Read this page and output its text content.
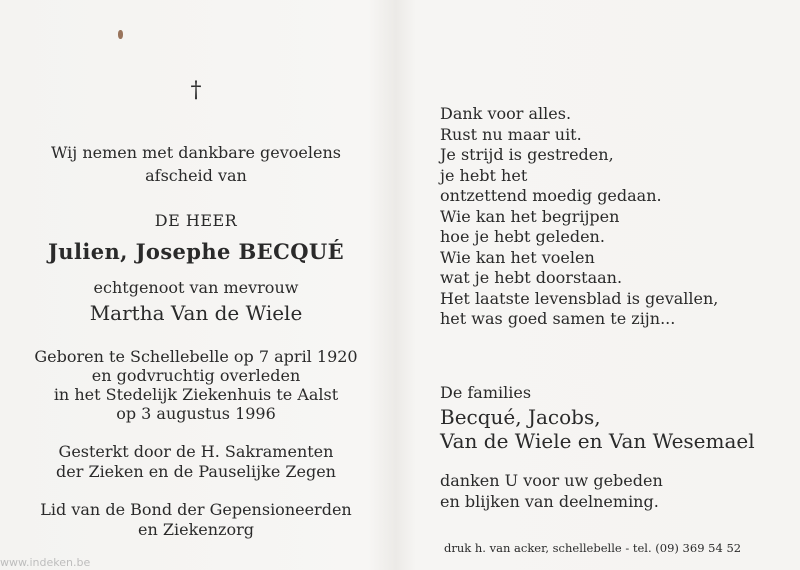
†
Wij nemen met dankbare gevoelens
afscheid van
DE HEER
Julien, Josephe BECQUÉ
echtgenoot van mevrouw
Martha Van de Wiele
Geboren te Schellebelle op 7 april 1920
en godvruchtig overleden
in het Stedelijk Ziekenhuis te Aalst
op 3 augustus 1996
Gesterkt door de H. Sakramenten
der Zieken en de Pauselijke Zegen
Lid van de Bond der Gepensioneerden
en Ziekenzorg
Dank voor alles.
Rust nu maar uit.
Je strijd is gestreden,
je hebt het
ontzettend moedig gedaan.
Wie kan het begrijpen
hoe je hebt geleden.
Wie kan het voelen
wat je hebt doorstaan.
Het laatste levensblad is gevallen,
het was goed samen te zijn...
De families
Becqué, Jacobs,
Van de Wiele en Van Wesemael
danken U voor uw gebeden
en blijken van deelneming.
druk h. van acker, schellebelle - tel. (09) 369 54 52
www.indeken.be
